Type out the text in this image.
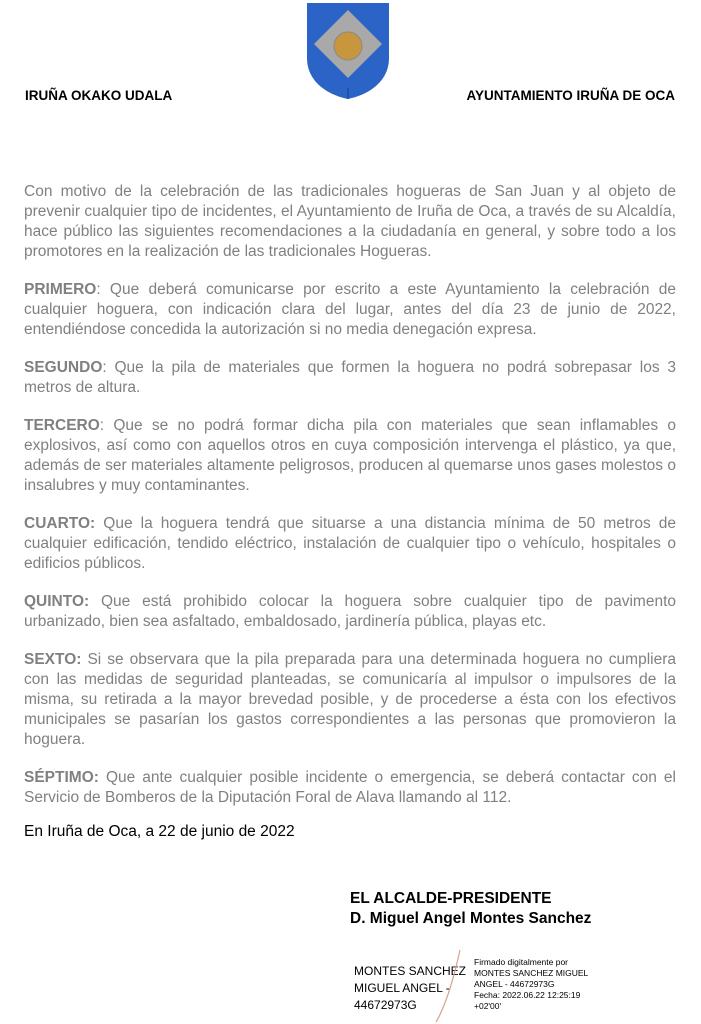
IRUÑA OKAKO UDALA	AYUNTAMIENTO IRUÑA DE OCA

Con motivo de la celebración de las tradicionales hogueras de San Juan y al objeto de prevenir cualquier tipo de incidentes, el Ayuntamiento de Iruña de Oca, a través de su Alcaldía, hace público las siguientes recomendaciones a la ciudadanía en general, y sobre todo a los promotores en la realización de las tradicionales Hogueras.

PRIMERO: Que deberá comunicarse por escrito a este Ayuntamiento la celebración de cualquier hoguera, con indicación clara del lugar, antes del día 23 de junio de 2022, entendiéndose concedida la autorización si no media denegación expresa.

SEGUNDO: Que la pila de materiales que formen la hoguera no podrá sobrepasar los 3 metros de altura.

TERCERO: Que se no podrá formar dicha pila con materiales que sean inflamables o explosivos, así como con aquellos otros en cuya composición intervenga el plástico, ya que, además de ser materiales altamente peligrosos, producen al quemarse unos gases molestos o insalubres y muy contaminantes.

CUARTO: Que la hoguera tendrá que situarse a una distancia mínima de 50 metros de cualquier edificación, tendido eléctrico, instalación de cualquier tipo o vehículo, hospitales o edificios públicos.

QUINTO: Que está prohibido colocar la hoguera sobre cualquier tipo de pavimento urbanizado, bien sea asfaltado, embaldosado, jardinería pública, playas etc.

SEXTO: Si se observara que la pila preparada para una determinada hoguera no cumpliera con las medidas de seguridad planteadas, se comunicaría al impulsor o impulsores de la misma, su retirada a la mayor brevedad posible, y de procederse a ésta con los efectivos municipales se pasarían los gastos correspondientes a las personas que promovieron la hoguera.

SÉPTIMO: Que ante cualquier posible incidente o emergencia, se deberá contactar con el Servicio de Bomberos de la Diputación Foral de Alava llamando al 112.

En Iruña de Oca, a 22 de junio de 2022
EL ALCALDE-PRESIDENTE
D. Miguel Angel Montes Sanchez
MONTES SANCHEZ
MIGUEL ANGEL -
44672973G
Firmado digitalmente por
MONTES SANCHEZ MIGUEL
ANGEL - 44672973G
Fecha: 2022.06.22 12:25:19
+02'00'
